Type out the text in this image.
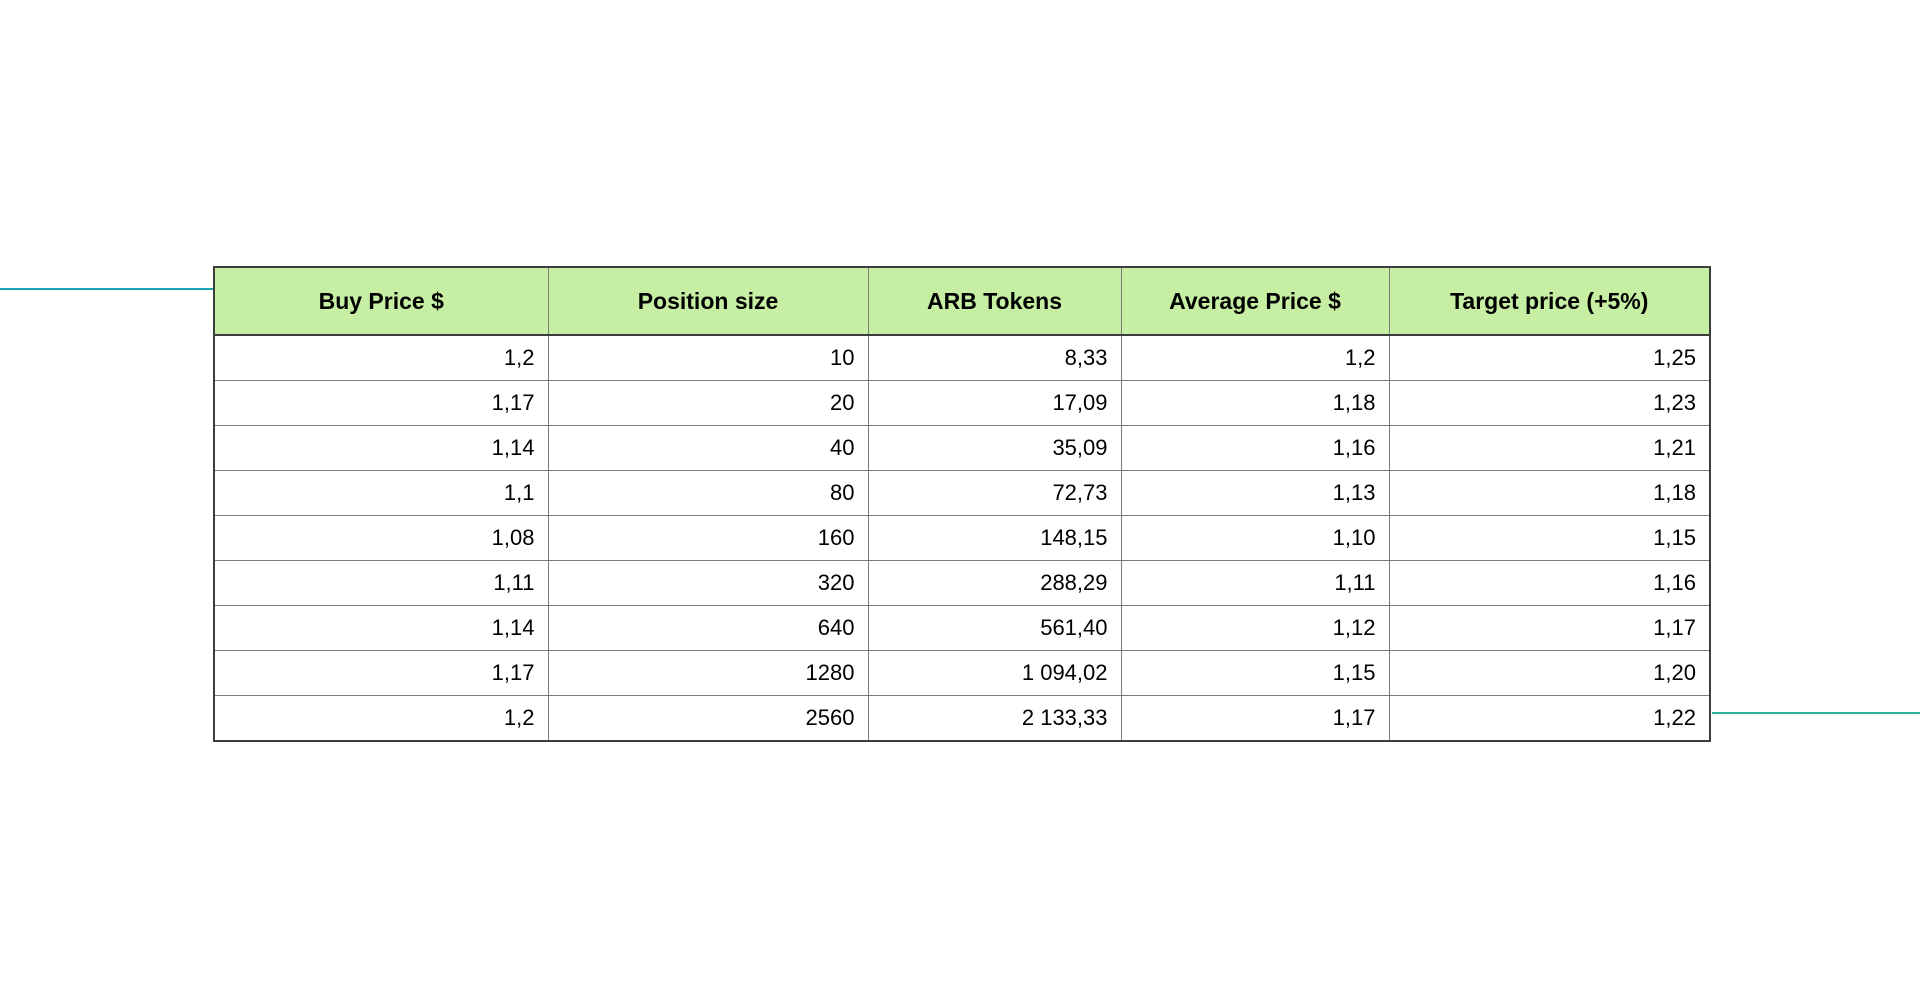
Buy Price $	Position size	ARB Tokens	Average Price $	Target price (+5%)
1,2	10	8,33	1,2	1,25
1,17	20	17,09	1,18	1,23
1,14	40	35,09	1,16	1,21
1,1	80	72,73	1,13	1,18
1,08	160	148,15	1,10	1,15
1,11	320	288,29	1,11	1,16
1,14	640	561,40	1,12	1,17
1,17	1280	1 094,02	1,15	1,20
1,2	2560	2 133,33	1,17	1,22
